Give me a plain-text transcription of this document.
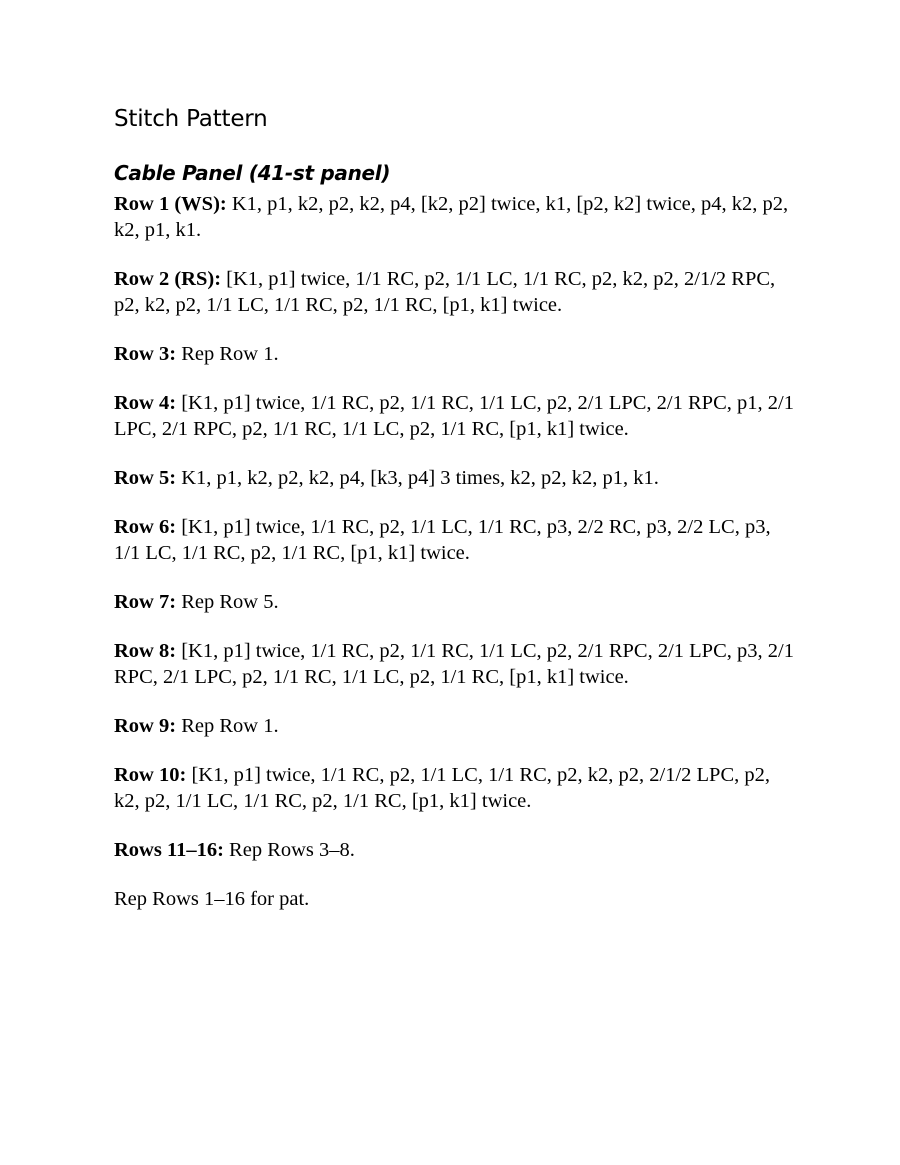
Stitch Pattern
Cable Panel (41-st panel)

Row 1 (WS): K1, p1, k2, p2, k2, p4, [k2, p2] twice, k1, [p2, k2] twice, p4, k2, p2, k2, p1, k1.

Row 2 (RS): [K1, p1] twice, 1/1 RC, p2, 1/1 LC, 1/1 RC, p2, k2, p2, 2/1/2 RPC, p2, k2, p2, 1/1 LC, 1/1 RC, p2, 1/1 RC, [p1, k1] twice.

Row 3: Rep Row 1.

Row 4: [K1, p1] twice, 1/1 RC, p2, 1/1 RC, 1/1 LC, p2, 2/1 LPC, 2/1 RPC, p1, 2/1 LPC, 2/1 RPC, p2, 1/1 RC, 1/1 LC, p2, 1/1 RC, [p1, k1] twice.

Row 5: K1, p1, k2, p2, k2, p4, [k3, p4] 3 times, k2, p2, k2, p1, k1.

Row 6: [K1, p1] twice, 1/1 RC, p2, 1/1 LC, 1/1 RC, p3, 2/2 RC, p3, 2/2 LC, p3, 1/1 LC, 1/1 RC, p2, 1/1 RC, [p1, k1] twice.

Row 7: Rep Row 5.

Row 8: [K1, p1] twice, 1/1 RC, p2, 1/1 RC, 1/1 LC, p2, 2/1 RPC, 2/1 LPC, p3, 2/1 RPC, 2/1 LPC, p2, 1/1 RC, 1/1 LC, p2, 1/1 RC, [p1, k1] twice.

Row 9: Rep Row 1.

Row 10: [K1, p1] twice, 1/1 RC, p2, 1/1 LC, 1/1 RC, p2, k2, p2, 2/1/2 LPC, p2, k2, p2, 1/1 LC, 1/1 RC, p2, 1/1 RC, [p1, k1] twice.

Rows 11–16: Rep Rows 3–8.

Rep Rows 1–16 for pat.
